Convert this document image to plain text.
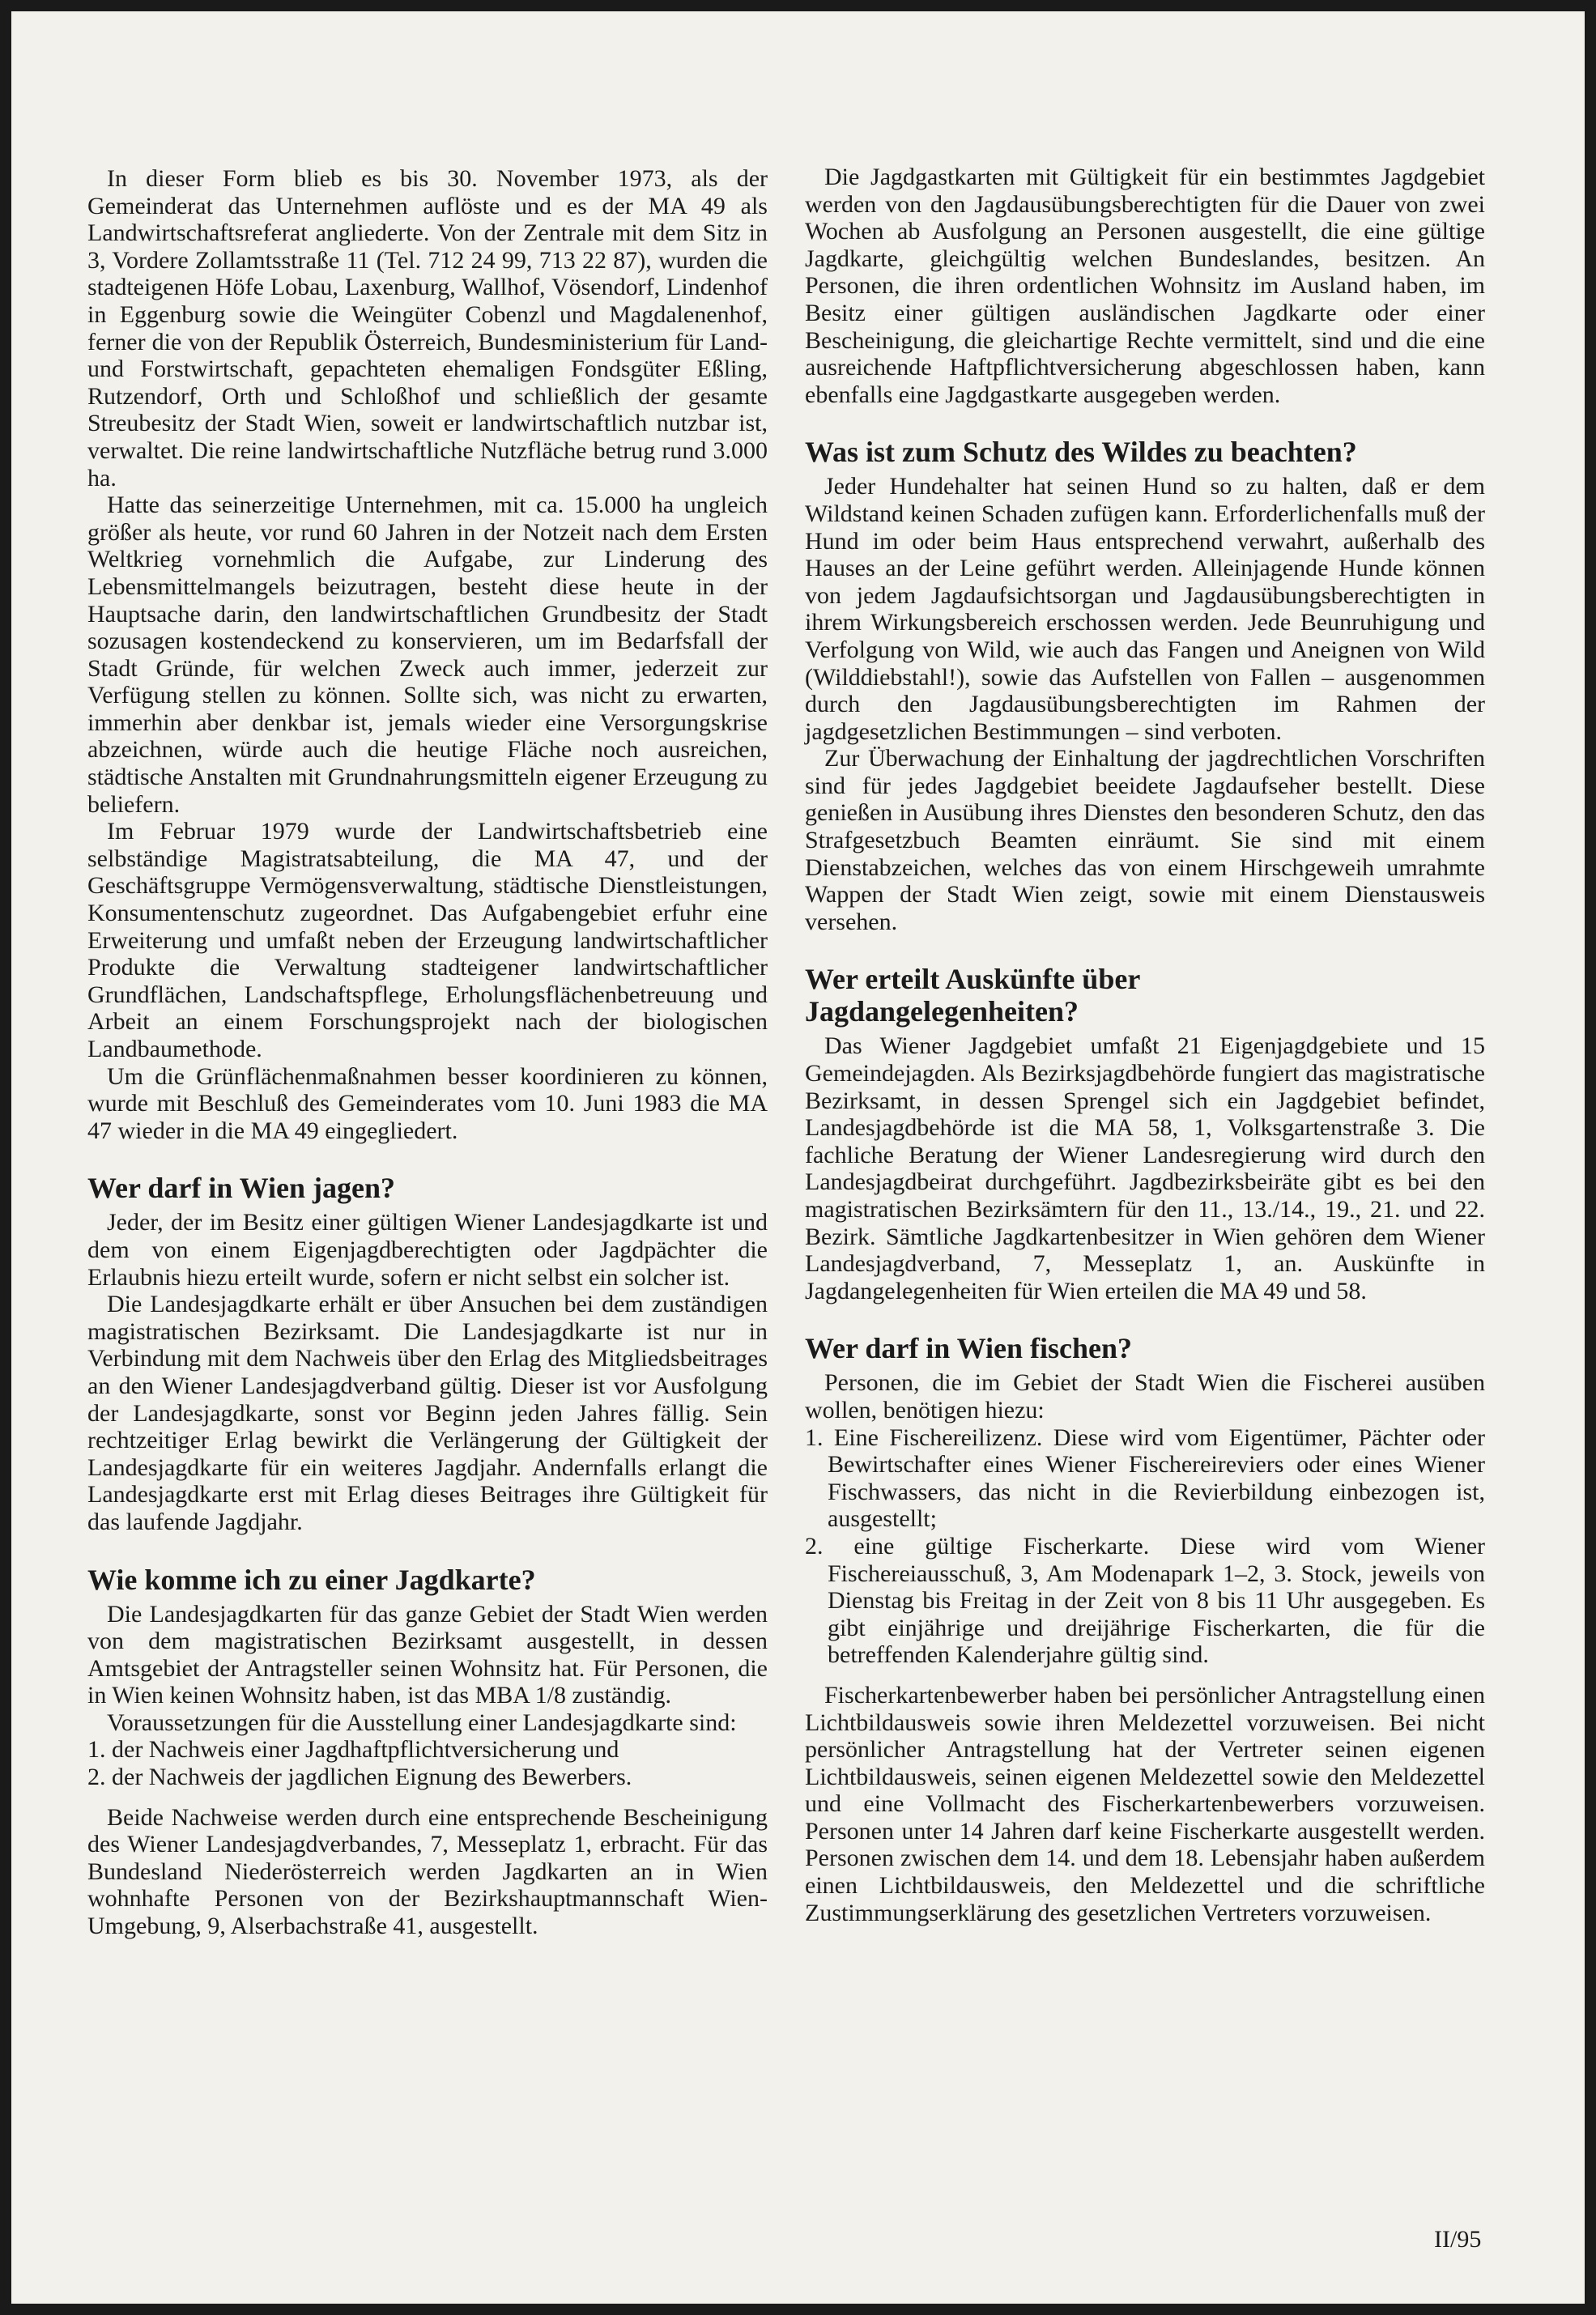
In dieser Form blieb es bis 30. November 1973, als der Gemeinderat das Unternehmen auflöste und es der MA 49 als Landwirtschaftsreferat angliederte. Von der Zentrale mit dem Sitz in 3, Vordere Zollamtsstraße 11 (Tel. 712 24 99, 713 22 87), wurden die stadteigenen Höfe Lobau, Laxenburg, Wallhof, Vösendorf, Lindenhof in Eggenburg sowie die Weingüter Cobenzl und Magdalenenhof, ferner die von der Republik Österreich, Bundesministerium für Land- und Forstwirtschaft, gepachteten ehemaligen Fondsgüter Eßling, Rutzendorf, Orth und Schloßhof und schließlich der gesamte Streubesitz der Stadt Wien, soweit er landwirtschaftlich nutzbar ist, verwaltet. Die reine landwirtschaftliche Nutzfläche betrug rund 3.000 ha.

Hatte das seinerzeitige Unternehmen, mit ca. 15.000 ha ungleich größer als heute, vor rund 60 Jahren in der Notzeit nach dem Ersten Weltkrieg vornehmlich die Aufgabe, zur Linderung des Lebensmittelmangels beizutragen, besteht diese heute in der Hauptsache darin, den landwirtschaftlichen Grundbesitz der Stadt sozusagen kostendeckend zu konservieren, um im Bedarfsfall der Stadt Gründe, für welchen Zweck auch immer, jederzeit zur Verfügung stellen zu können. Sollte sich, was nicht zu erwarten, immerhin aber denkbar ist, jemals wieder eine Versorgungskrise abzeichnen, würde auch die heutige Fläche noch ausreichen, städtische Anstalten mit Grundnahrungsmitteln eigener Erzeugung zu beliefern.

Im Februar 1979 wurde der Landwirtschaftsbetrieb eine selbständige Magistratsabteilung, die MA 47, und der Geschäftsgruppe Vermögensverwaltung, städtische Dienstleistungen, Konsumentenschutz zugeordnet. Das Aufgabengebiet erfuhr eine Erweiterung und umfaßt neben der Erzeugung landwirtschaftlicher Produkte die Verwaltung stadteigener landwirtschaftlicher Grundflächen, Landschaftspflege, Erholungsflächenbetreuung und Arbeit an einem Forschungsprojekt nach der biologischen Landbaumethode.

Um die Grünflächenmaßnahmen besser koordinieren zu können, wurde mit Beschluß des Gemeinderates vom 10. Juni 1983 die MA 47 wieder in die MA 49 eingegliedert.

Wer darf in Wien jagen?

Jeder, der im Besitz einer gültigen Wiener Landesjagdkarte ist und dem von einem Eigenjagdberechtigten oder Jagdpächter die Erlaubnis hiezu erteilt wurde, sofern er nicht selbst ein solcher ist.

Die Landesjagdkarte erhält er über Ansuchen bei dem zuständigen magistratischen Bezirksamt. Die Landesjagdkarte ist nur in Verbindung mit dem Nachweis über den Erlag des Mitgliedsbeitrages an den Wiener Landesjagdverband gültig. Dieser ist vor Ausfolgung der Landesjagdkarte, sonst vor Beginn jeden Jahres fällig. Sein rechtzeitiger Erlag bewirkt die Verlängerung der Gültigkeit der Landesjagdkarte für ein weiteres Jagdjahr. Andernfalls erlangt die Landesjagdkarte erst mit Erlag dieses Beitrages ihre Gültigkeit für das laufende Jagdjahr.

Wie komme ich zu einer Jagdkarte?

Die Landesjagdkarten für das ganze Gebiet der Stadt Wien werden von dem magistratischen Bezirksamt ausgestellt, in dessen Amtsgebiet der Antragsteller seinen Wohnsitz hat. Für Personen, die in Wien keinen Wohnsitz haben, ist das MBA 1/8 zuständig.

Voraussetzungen für die Ausstellung einer Landesjagdkarte sind:

1. der Nachweis einer Jagdhaftpflichtversicherung und
2. der Nachweis der jagdlichen Eignung des Bewerbers.

Beide Nachweise werden durch eine entsprechende Bescheinigung des Wiener Landesjagdverbandes, 7, Messeplatz 1, erbracht. Für das Bundesland Niederösterreich werden Jagdkarten an in Wien wohnhafte Personen von der Bezirkshauptmannschaft Wien-Umgebung, 9, Alserbachstraße 41, ausgestellt.

Die Jagdgastkarten mit Gültigkeit für ein bestimmtes Jagdgebiet werden von den Jagdausübungsberechtigten für die Dauer von zwei Wochen ab Ausfolgung an Personen ausgestellt, die eine gültige Jagdkarte, gleichgültig welchen Bundeslandes, besitzen. An Personen, die ihren ordentlichen Wohnsitz im Ausland haben, im Besitz einer gültigen ausländischen Jagdkarte oder einer Bescheinigung, die gleichartige Rechte vermittelt, sind und die eine ausreichende Haftpflichtversicherung abgeschlossen haben, kann ebenfalls eine Jagdgastkarte ausgegeben werden.

Was ist zum Schutz des Wildes zu beachten?

Jeder Hundehalter hat seinen Hund so zu halten, daß er dem Wildstand keinen Schaden zufügen kann. Erforderlichenfalls muß der Hund im oder beim Haus entsprechend verwahrt, außerhalb des Hauses an der Leine geführt werden. Alleinjagende Hunde können von jedem Jagdaufsichtsorgan und Jagdausübungsberechtigten in ihrem Wirkungsbereich erschossen werden. Jede Beunruhigung und Verfolgung von Wild, wie auch das Fangen und Aneignen von Wild (Wilddiebstahl!), sowie das Aufstellen von Fallen – ausgenommen durch den Jagdausübungsberechtigten im Rahmen der jagdgesetzlichen Bestimmungen – sind verboten.

Zur Überwachung der Einhaltung der jagdrechtlichen Vorschriften sind für jedes Jagdgebiet beeidete Jagdaufseher bestellt. Diese genießen in Ausübung ihres Dienstes den besonderen Schutz, den das Strafgesetzbuch Beamten einräumt. Sie sind mit einem Dienstabzeichen, welches das von einem Hirschgeweih umrahmte Wappen der Stadt Wien zeigt, sowie mit einem Dienstausweis versehen.

Wer erteilt Auskünfte über Jagdangelegenheiten?

Das Wiener Jagdgebiet umfaßt 21 Eigenjagdgebiete und 15 Gemeindejagden. Als Bezirksjagdbehörde fungiert das magistratische Bezirksamt, in dessen Sprengel sich ein Jagdgebiet befindet, Landesjagdbehörde ist die MA 58, 1, Volksgartenstraße 3. Die fachliche Beratung der Wiener Landesregierung wird durch den Landesjagdbeirat durchgeführt. Jagdbezirksbeiräte gibt es bei den magistratischen Bezirksämtern für den 11., 13./14., 19., 21. und 22. Bezirk. Sämtliche Jagdkartenbesitzer in Wien gehören dem Wiener Landesjagdverband, 7, Messeplatz 1, an. Auskünfte in Jagdangelegenheiten für Wien erteilen die MA 49 und 58.

Wer darf in Wien fischen?

Personen, die im Gebiet der Stadt Wien die Fischerei ausüben wollen, benötigen hiezu:

1. Eine Fischereilizenz. Diese wird vom Eigentümer, Pächter oder Bewirtschafter eines Wiener Fischereireviers oder eines Wiener Fischwassers, das nicht in die Revierbildung einbezogen ist, ausgestellt;
2. eine gültige Fischerkarte. Diese wird vom Wiener Fischereiausschuß, 3, Am Modenapark 1–2, 3. Stock, jeweils von Dienstag bis Freitag in der Zeit von 8 bis 11 Uhr ausgegeben. Es gibt einjährige und dreijährige Fischerkarten, die für die betreffenden Kalenderjahre gültig sind.

Fischerkartenbewerber haben bei persönlicher Antragstellung einen Lichtbildausweis sowie ihren Meldezettel vorzuweisen. Bei nicht persönlicher Antragstellung hat der Vertreter seinen eigenen Lichtbildausweis, seinen eigenen Meldezettel sowie den Meldezettel und eine Vollmacht des Fischerkartenbewerbers vorzuweisen. Personen unter 14 Jahren darf keine Fischerkarte ausgestellt werden. Personen zwischen dem 14. und dem 18. Lebensjahr haben außerdem einen Lichtbildausweis, den Meldezettel und die schriftliche Zustimmungserklärung des gesetzlichen Vertreters vorzuweisen.

II/95
